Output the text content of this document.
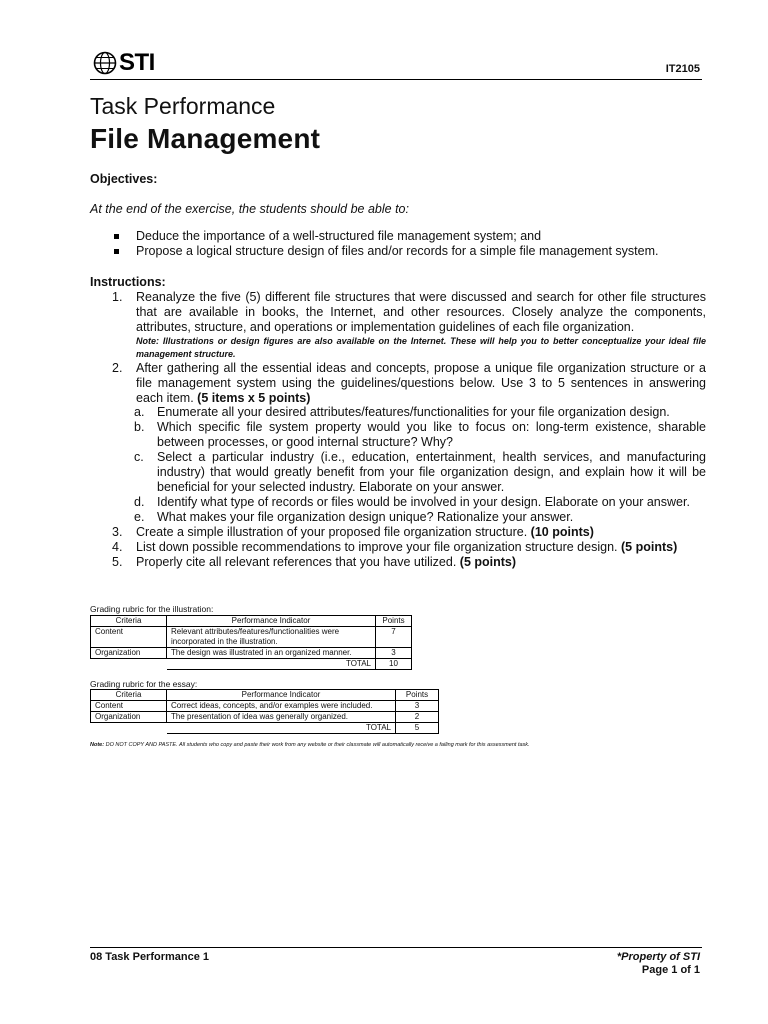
STI	IT2105
Task Performance
File Management
Objectives:
At the end of the exercise, the students should be able to:
Deduce the importance of a well-structured file management system; and
Propose a logical structure design of files and/or records for a simple file management system.
Instructions:
1. Reanalyze the five (5) different file structures that were discussed and search for other file structures that are available in books, the Internet, and other resources. Closely analyze the components, attributes, structure, and operations or implementation guidelines of each file organization.
Note: Illustrations or design figures are also available on the Internet. These will help you to better conceptualize your ideal file management structure.
2. After gathering all the essential ideas and concepts, propose a unique file organization structure or a file management system using the guidelines/questions below. Use 3 to 5 sentences in answering each item. (5 items x 5 points)
a. Enumerate all your desired attributes/features/functionalities for your file organization design.
b. Which specific file system property would you like to focus on: long-term existence, sharable between processes, or good internal structure? Why?
c. Select a particular industry (i.e., education, entertainment, health services, and manufacturing industry) that would greatly benefit from your file organization design, and explain how it will be beneficial for your selected industry. Elaborate on your answer.
d. Identify what type of records or files would be involved in your design. Elaborate on your answer.
e. What makes your file organization design unique? Rationalize your answer.
3. Create a simple illustration of your proposed file organization structure. (10 points)
4. List down possible recommendations to improve your file organization structure design. (5 points)
5. Properly cite all relevant references that you have utilized. (5 points)
Grading rubric for the illustration:
Criteria	Performance Indicator	Points
Content	Relevant attributes/features/functionalities were incorporated in the illustration.	7
Organization	The design was illustrated in an organized manner.	3
	TOTAL	10
Grading rubric for the essay:
Criteria	Performance Indicator	Points
Content	Correct ideas, concepts, and/or examples were included.	3
Organization	The presentation of idea was generally organized.	2
	TOTAL	5
Note: DO NOT COPY AND PASTE. All students who copy and paste their work from any website or their classmate will automatically receive a failing mark for this assessment task.
08 Task Performance 1	*Property of STI
Page 1 of 1
